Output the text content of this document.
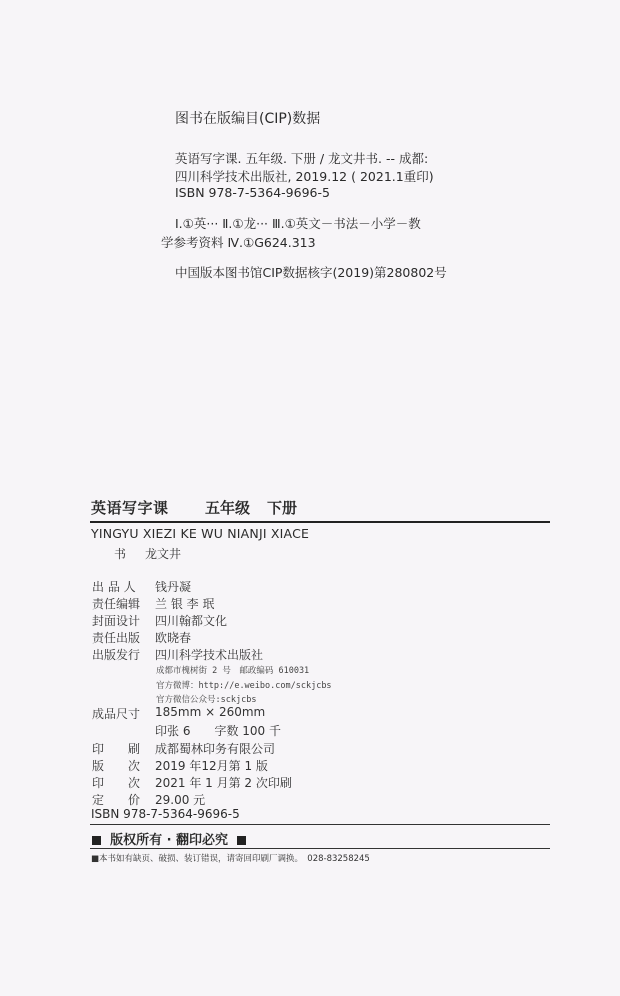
图书在版编目(CIP)数据
英语写字课. 五年级. 下册 / 龙文井书. -- 成都:
四川科学技术出版社, 2019.12 ( 2021.1重印)
ISBN 978-7-5364-9696-5
Ⅰ.①英··· Ⅱ.①龙··· Ⅲ.①英文－书法－小学－教
学参考资料 Ⅳ.①G624.313
中国版本图书馆CIP数据核字(2019)第280802号
英语写字课 五年级 下册
YINGYU XIEZI KE WU NIANJI XIACE
书 龙文井
出 品 人 钱丹凝
责任编辑 兰 银 李 珉
封面设计 四川翰都文化
责任出版 欧晓春
出版发行 四川科学技术出版社
成都市槐树街 2 号　邮政编码 610031
官方微博：http://e.weibo.com/sckjcbs
官方微信公众号:sckjcbs
成品尺寸 185mm × 260mm
印张 6　　字数 100 千
印　　刷 成都蜀林印务有限公司
版　　次 2019 年12月第 1 版
印　　次 2021 年 1 月第 2 次印刷
定　　价 29.00 元
ISBN 978-7-5364-9696-5
版权所有 · 翻印必究
■本书如有缺页、破损、装订错误，请寄回印刷厂调换。　028-83258245
